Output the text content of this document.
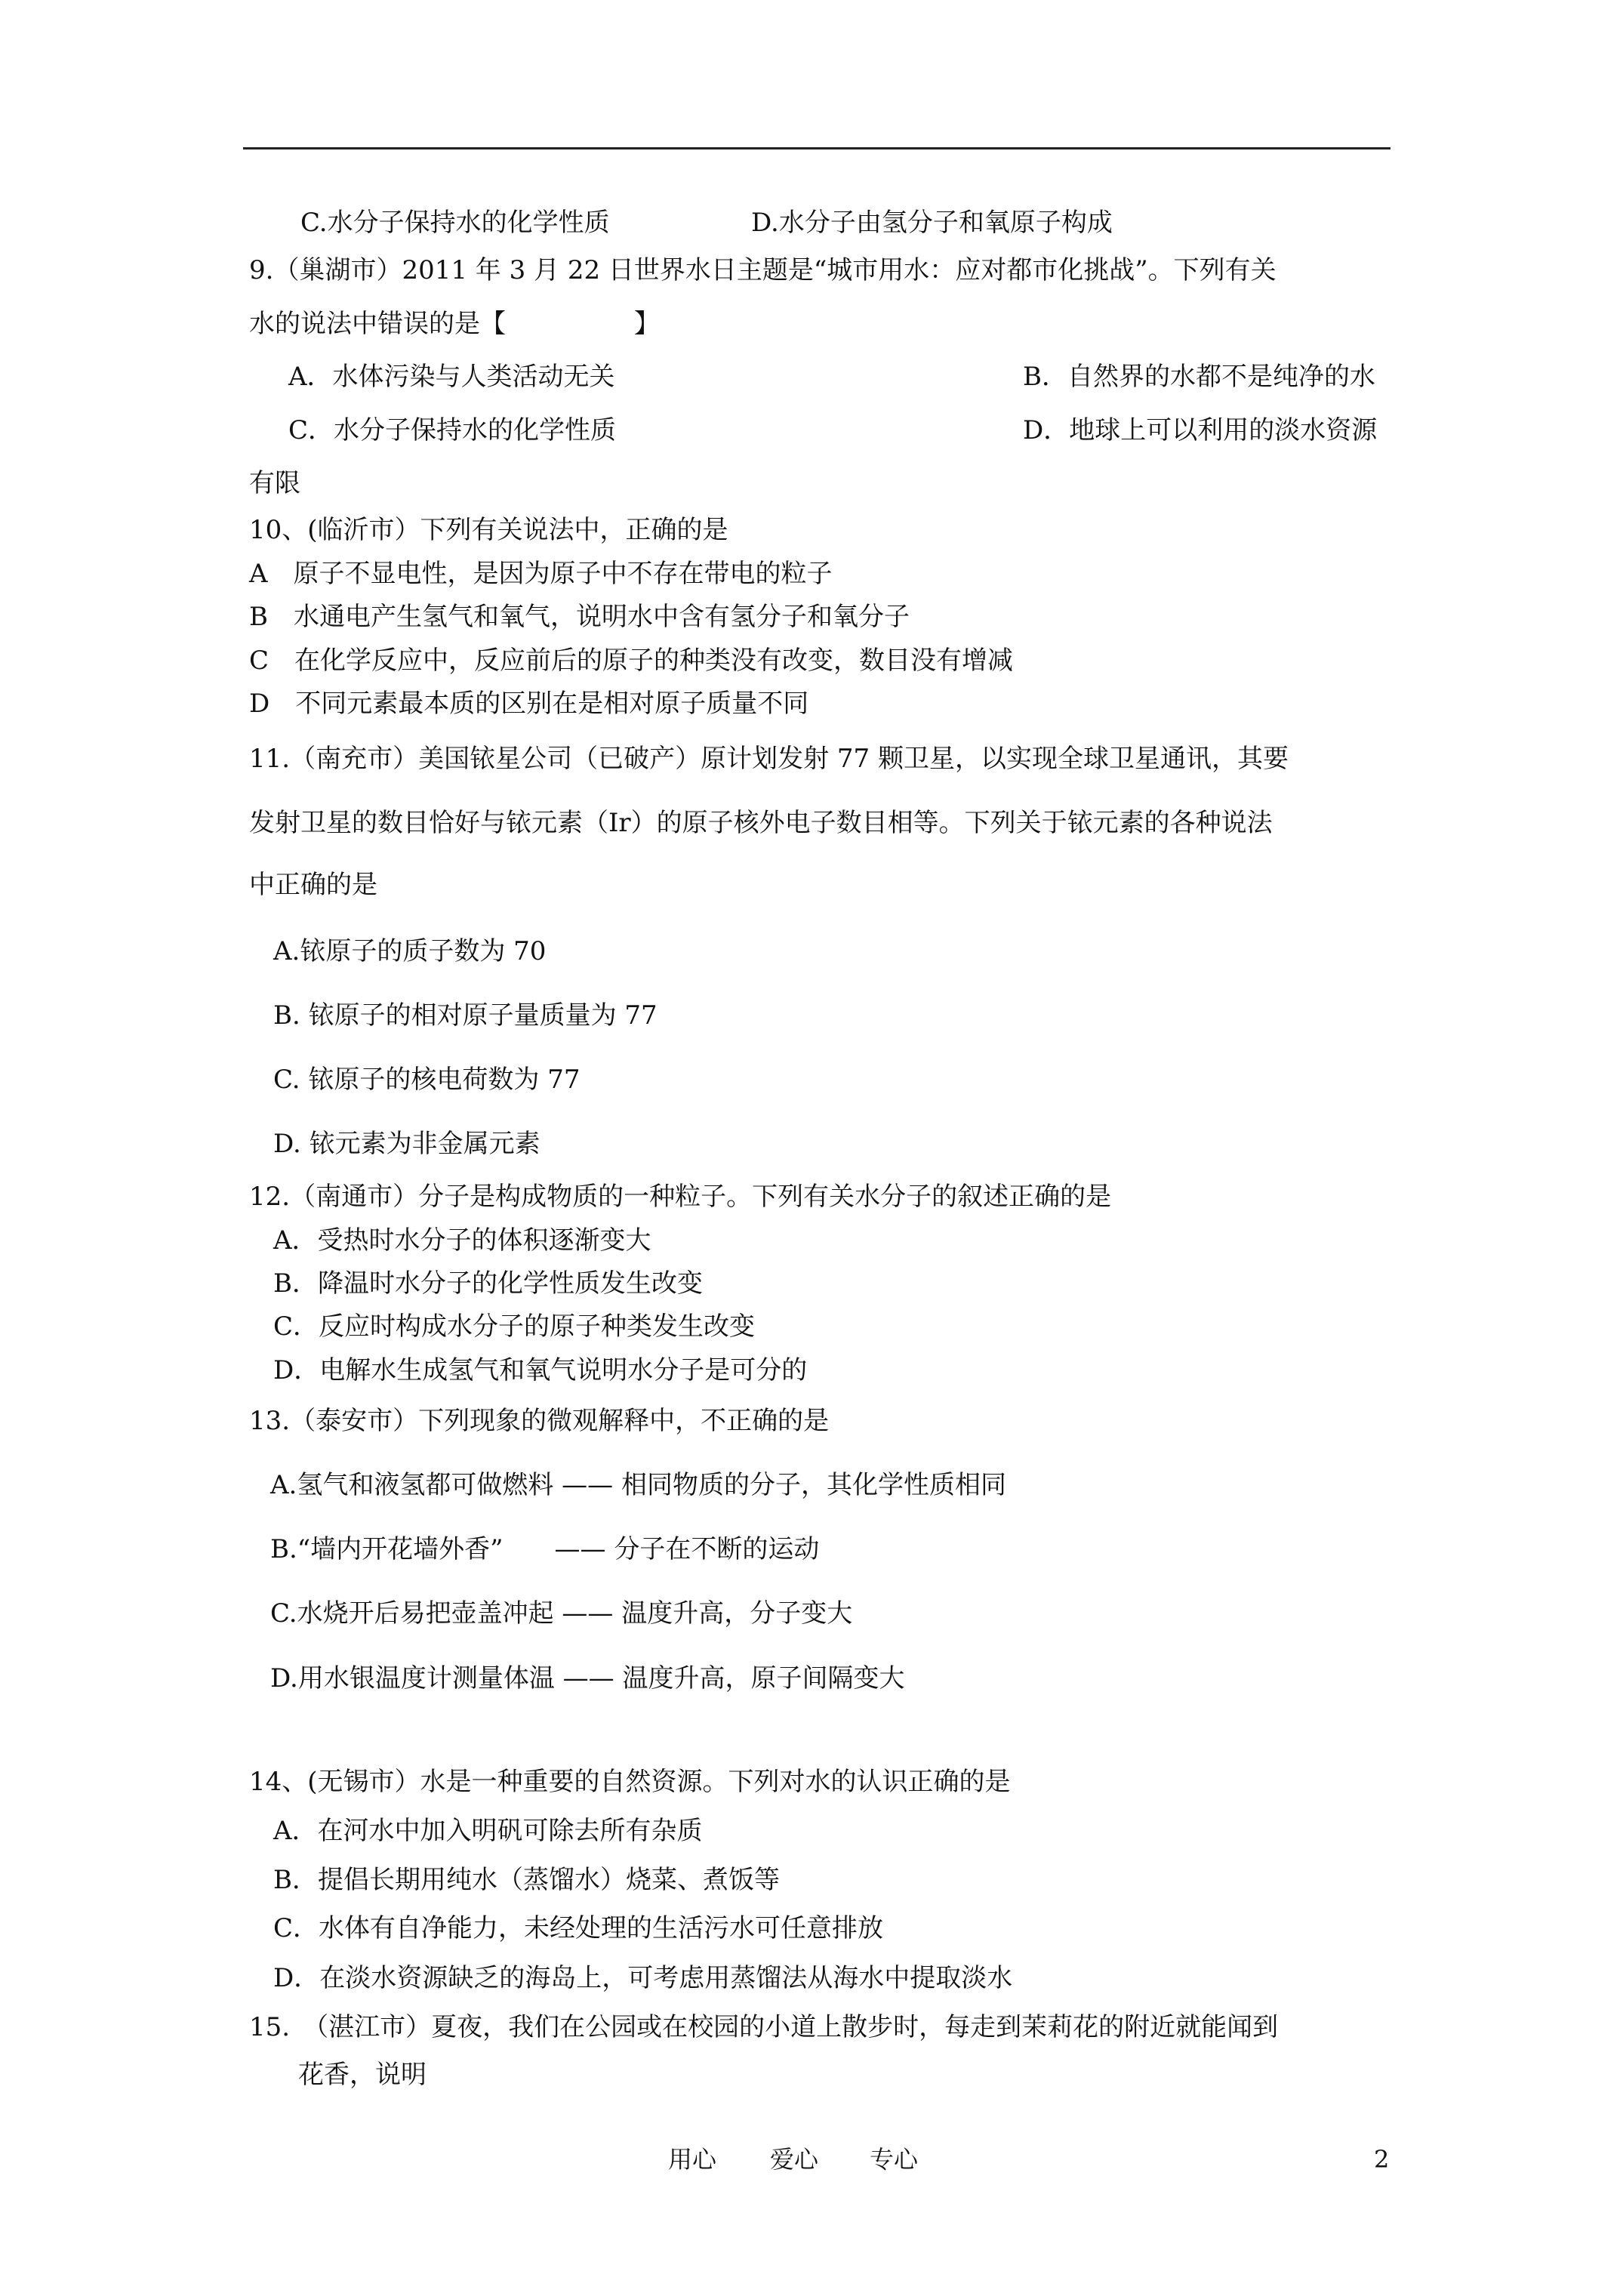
C.水分子保持水的化学性质	D.水分子由氢分子和氧原子构成
9.（巢湖市）2011 年 3 月 22 日世界水日主题是“城市用水：应对都市化挑战”。下列有关
水的说法中错误的是【　　　　　】
A．水体污染与人类活动无关	B．自然界的水都不是纯净的水
C．水分子保持水的化学性质	D．地球上可以利用的淡水资源
有限
10、(临沂市）下列有关说法中，正确的是
A　原子不显电性，是因为原子中不存在带电的粒子
B　水通电产生氢气和氧气，说明水中含有氢分子和氧分子
C　在化学反应中，反应前后的原子的种类没有改变，数目没有增减
D　不同元素最本质的区别在是相对原子质量不同
11.（南充市）美国铱星公司（已破产）原计划发射 77 颗卫星，以实现全球卫星通讯，其要
发射卫星的数目恰好与铱元素（Ir）的原子核外电子数目相等。下列关于铱元素的各种说法
中正确的是
A.铱原子的质子数为 70
B. 铱原子的相对原子量质量为 77
C. 铱原子的核电荷数为 77
D. 铱元素为非金属元素
12.（南通市）分子是构成物质的一种粒子。下列有关水分子的叙述正确的是
A．受热时水分子的体积逐渐变大
B．降温时水分子的化学性质发生改变
C．反应时构成水分子的原子种类发生改变
D．电解水生成氢气和氧气说明水分子是可分的
13.（泰安市）下列现象的微观解释中，不正确的是
A.氢气和液氢都可做燃料 —— 相同物质的分子，其化学性质相同
B.“墙内开花墙外香”　　—— 分子在不断的运动
C.水烧开后易把壶盖冲起 —— 温度升高，分子变大
D.用水银温度计测量体温 —— 温度升高，原子间隔变大
14、(无锡市）水是一种重要的自然资源。下列对水的认识正确的是
A．在河水中加入明矾可除去所有杂质
B．提倡长期用纯水（蒸馏水）烧菜、煮饭等
C．水体有自净能力，未经处理的生活污水可任意排放
D．在淡水资源缺乏的海岛上，可考虑用蒸馏法从海水中提取淡水
15.　（湛江市）夏夜，我们在公园或在校园的小道上散步时，每走到茉莉花的附近就能闻到
花香，说明
用心 爱心 专心	2
